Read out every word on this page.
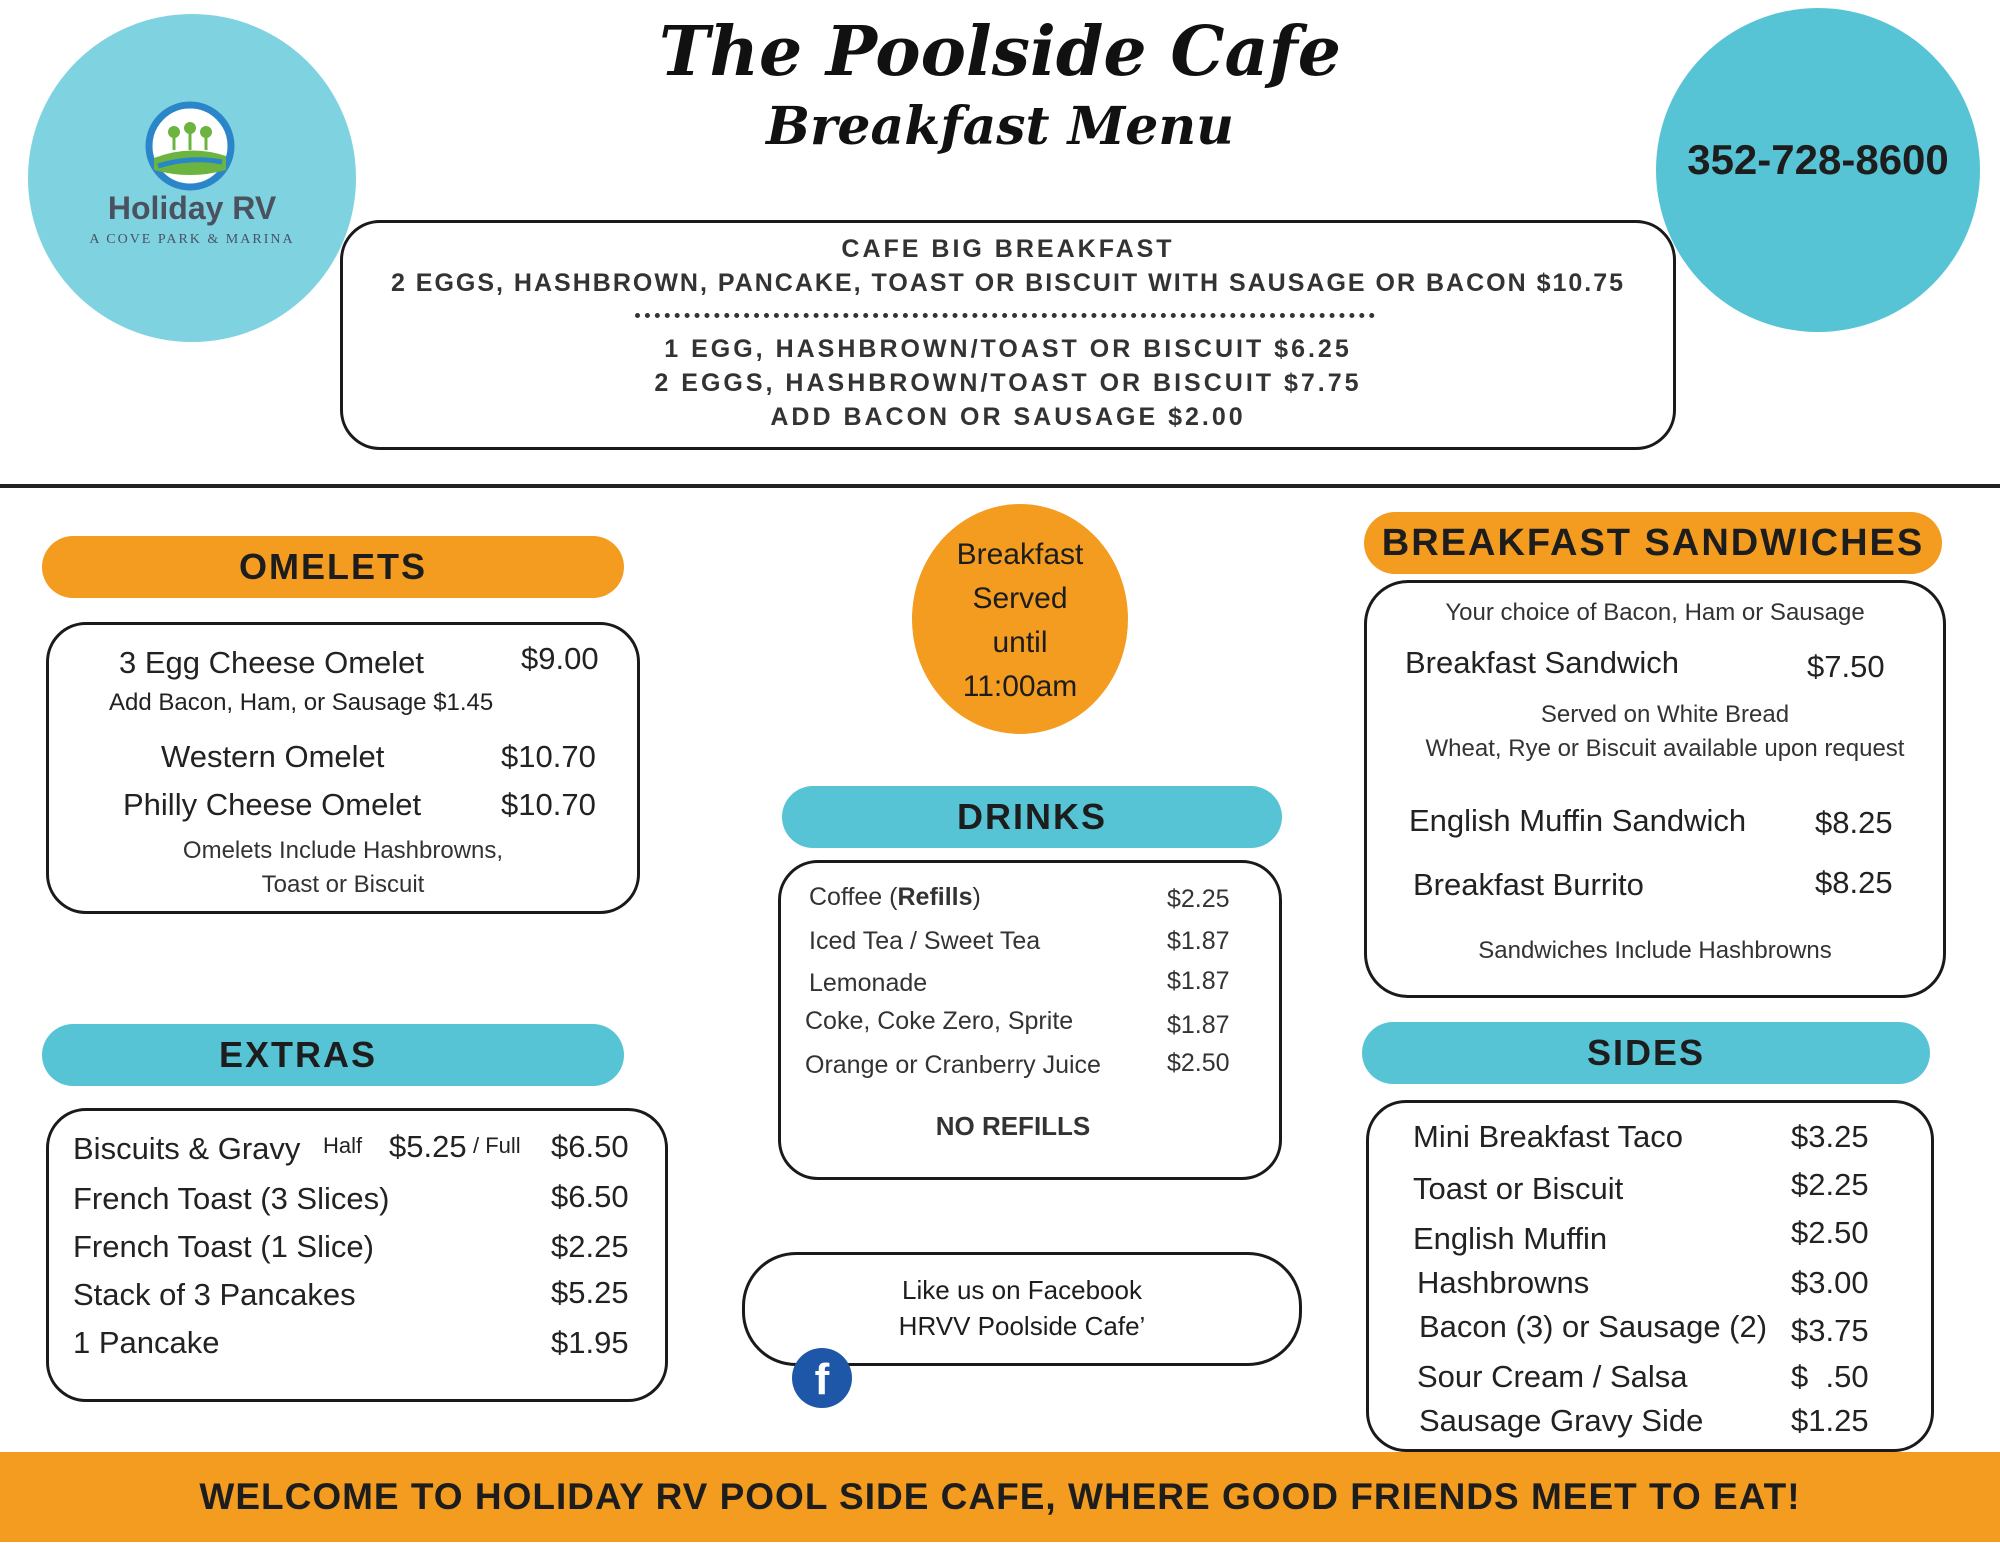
Holiday RV
A COVE PARK & MARINA
The Poolside Cafe
Breakfast Menu
352-728-8600
CAFE BIG BREAKFAST
2 EGGS, HASHBROWN, PANCAKE, TOAST OR BISCUIT WITH SAUSAGE OR BACON $10.75
1 EGG, HASHBROWN/TOAST OR BISCUIT $6.25
2 EGGS, HASHBROWN/TOAST OR BISCUIT $7.75
ADD BACON OR SAUSAGE $2.00
OMELETS
3 Egg Cheese Omelet	$9.00
Add Bacon, Ham, or Sausage $1.45
Western Omelet	$10.70
Philly Cheese Omelet	$10.70
Omelets Include Hashbrowns,
Toast or Biscuit
EXTRAS
Biscuits & Gravy Half $5.25 / Full $6.50
French Toast (3 Slices)	$6.50
French Toast (1 Slice)	$2.25
Stack of 3 Pancakes	$5.25
1 Pancake	$1.95
Breakfast
Served
until
11:00am
DRINKS
Coffee (Refills)	$2.25
Iced Tea / Sweet Tea	$1.87
Lemonade	$1.87
Coke, Coke Zero, Sprite	$1.87
Orange or Cranberry Juice	$2.50
NO REFILLS
Like us on Facebook
HRVV Poolside Cafe’
f
BREAKFAST SANDWICHES
Your choice of Bacon, Ham or Sausage
Breakfast Sandwich	$7.50
Served on White Bread
Wheat, Rye or Biscuit available upon request
English Muffin Sandwich $8.25
Breakfast Burrito	$8.25
Sandwiches Include Hashbrowns
SIDES
Mini Breakfast Taco	$3.25
Toast or Biscuit	$2.25
English Muffin	$2.50
Hashbrowns	$3.00
Bacon (3) or Sausage (2) $3.75
Sour Cream / Salsa	$  .50
Sausage Gravy Side	$1.25
WELCOME TO HOLIDAY RV POOL SIDE CAFE, WHERE GOOD FRIENDS MEET TO EAT!
